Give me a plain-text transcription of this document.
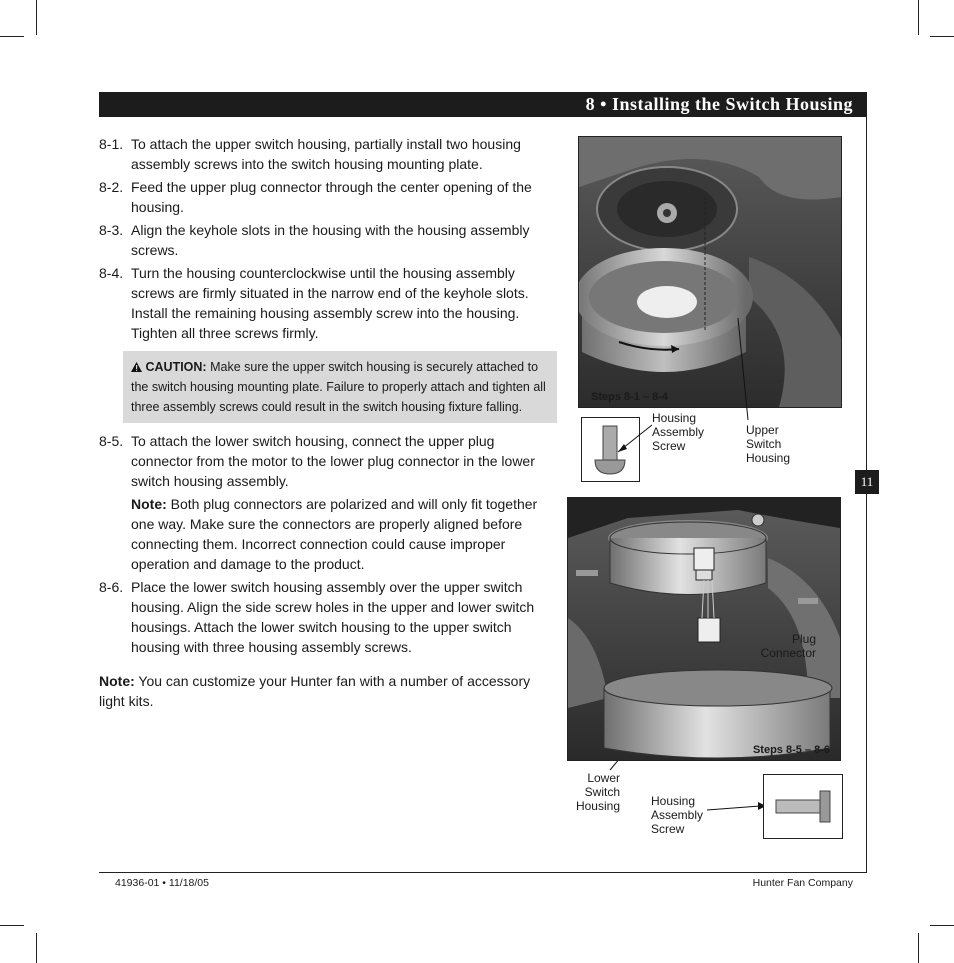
8 • Installing the Switch Housing
11
8-1. To attach the upper switch housing, partially install two housing assembly screws into the switch housing mounting plate.
8-2. Feed the upper plug connector through the center opening of the housing.
8-3. Align the keyhole slots in the housing with the housing assembly screws.
8-4. Turn the housing counterclockwise until the housing assembly screws are firmly situated in the narrow end of the keyhole slots. Install the remaining housing assembly screw into the housing. Tighten all three screws firmly.
CAUTION: Make sure the upper switch housing is securely attached to the switch housing mounting plate. Failure to properly attach and tighten all three assembly screws could result in the switch housing fixture falling.
8-5. To attach the lower switch housing, connect the upper plug connector from the motor to the lower plug connector in the lower switch housing assembly.
Note: Both plug connectors are polarized and will only fit together one way. Make sure the connectors are properly aligned before connecting them. Incorrect connection could cause improper operation and damage to the product.
8-6. Place the lower switch housing assembly over the upper switch housing. Align the side screw holes in the upper and lower switch housings. Attach the lower switch housing to the upper switch housing with three housing assembly screws.
Note: You can customize your Hunter fan with a number of accessory light kits.
Steps 8-1 – 8-4
Housing Assembly Screw
Upper Switch Housing
Steps 8-5 – 8-6
Plug Connector
Lower Switch Housing	Housing Assembly Screw
41936-01 • 11/18/05	Hunter Fan Company
